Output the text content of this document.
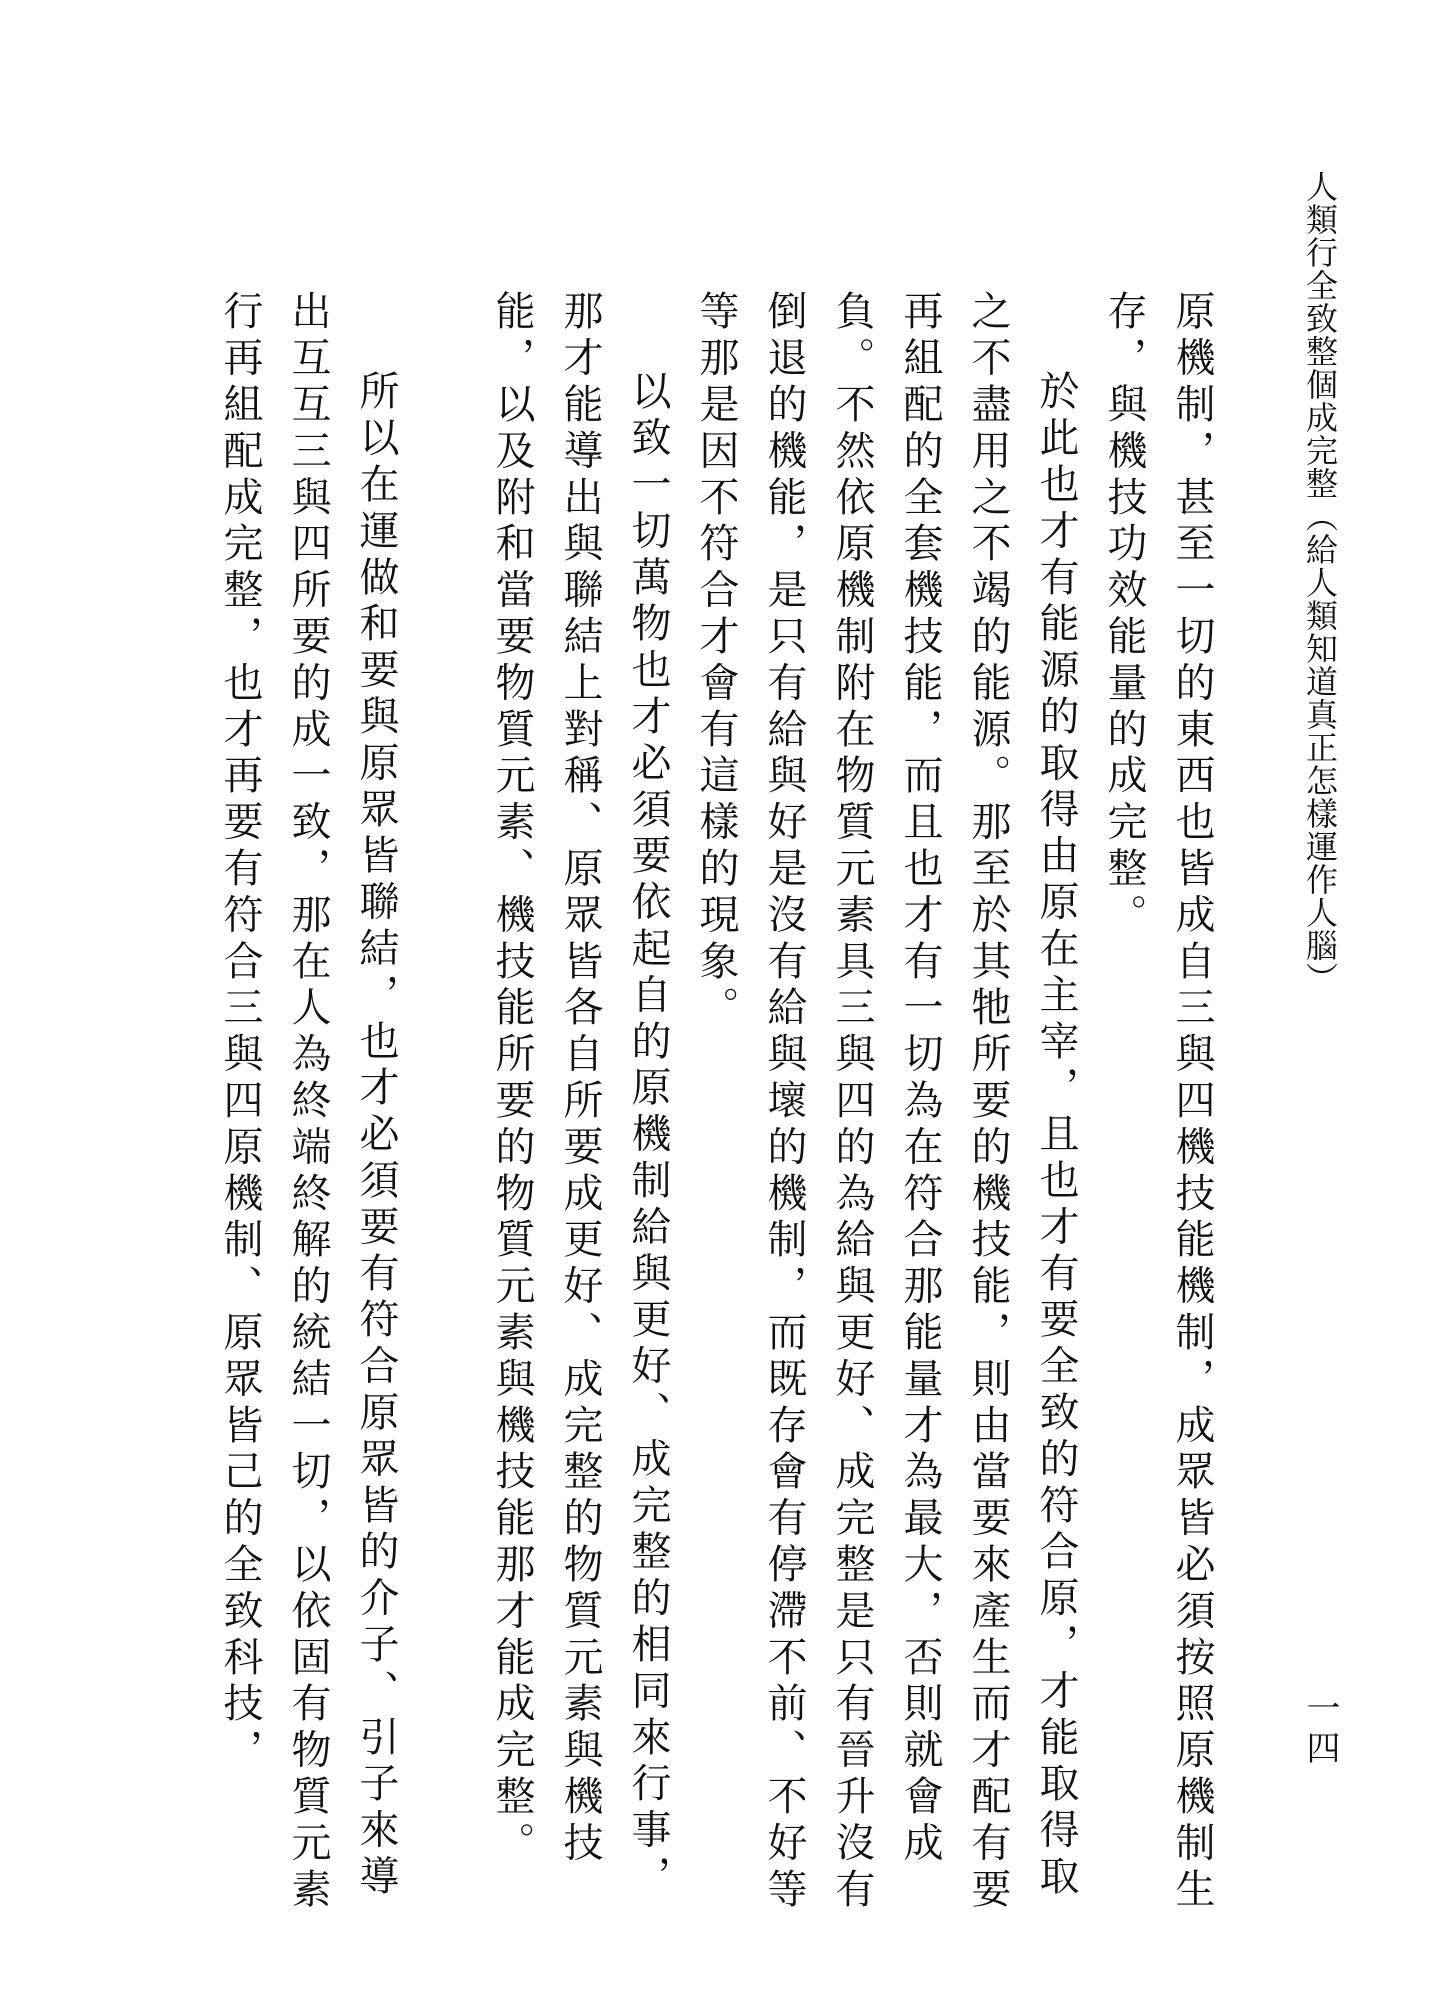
人類行全致整個成完整（給人類知道真正怎樣運作人腦）
一四

原機制，甚至一切的東西也皆成自三與四機技能機制，成眾皆必須按照原機制生存，與機技功效能量的成完整。

於此也才有能源的取得由原在主宰，且也才有要全致的符合原，才能取得取之不盡用之不竭的能源。那至於其牠所要的機技能，則由當要來產生而才配有要再組配的全套機技能，而且也才有一切為在符合那能量才為最大，否則就會成負。不然依原機制附在物質元素具三與四的為給與更好、成完整是只有晉升沒有倒退的機能，是只有給與好是沒有給與壞的機制，而既存會有停滯不前、不好等等那是因不符合才會有這樣的現象。

以致一切萬物也才必須要依起自的原機制給與更好、成完整的相同來行事，那才能導出與聯結上對稱、原眾皆各自所要成更好、成完整的物質元素與機技能，以及附和當要物質元素、機技能所要的物質元素與機技能那才能成完整。

所以在運做和要與原眾皆聯結，也才必須要有符合原眾皆的介子、引子來導出互互三與四所要的成一致，那在人為終端終解的統結一切，以依固有物質元素行再組配成完整，也才再要有符合三與四原機制、原眾皆己的全致科技，
